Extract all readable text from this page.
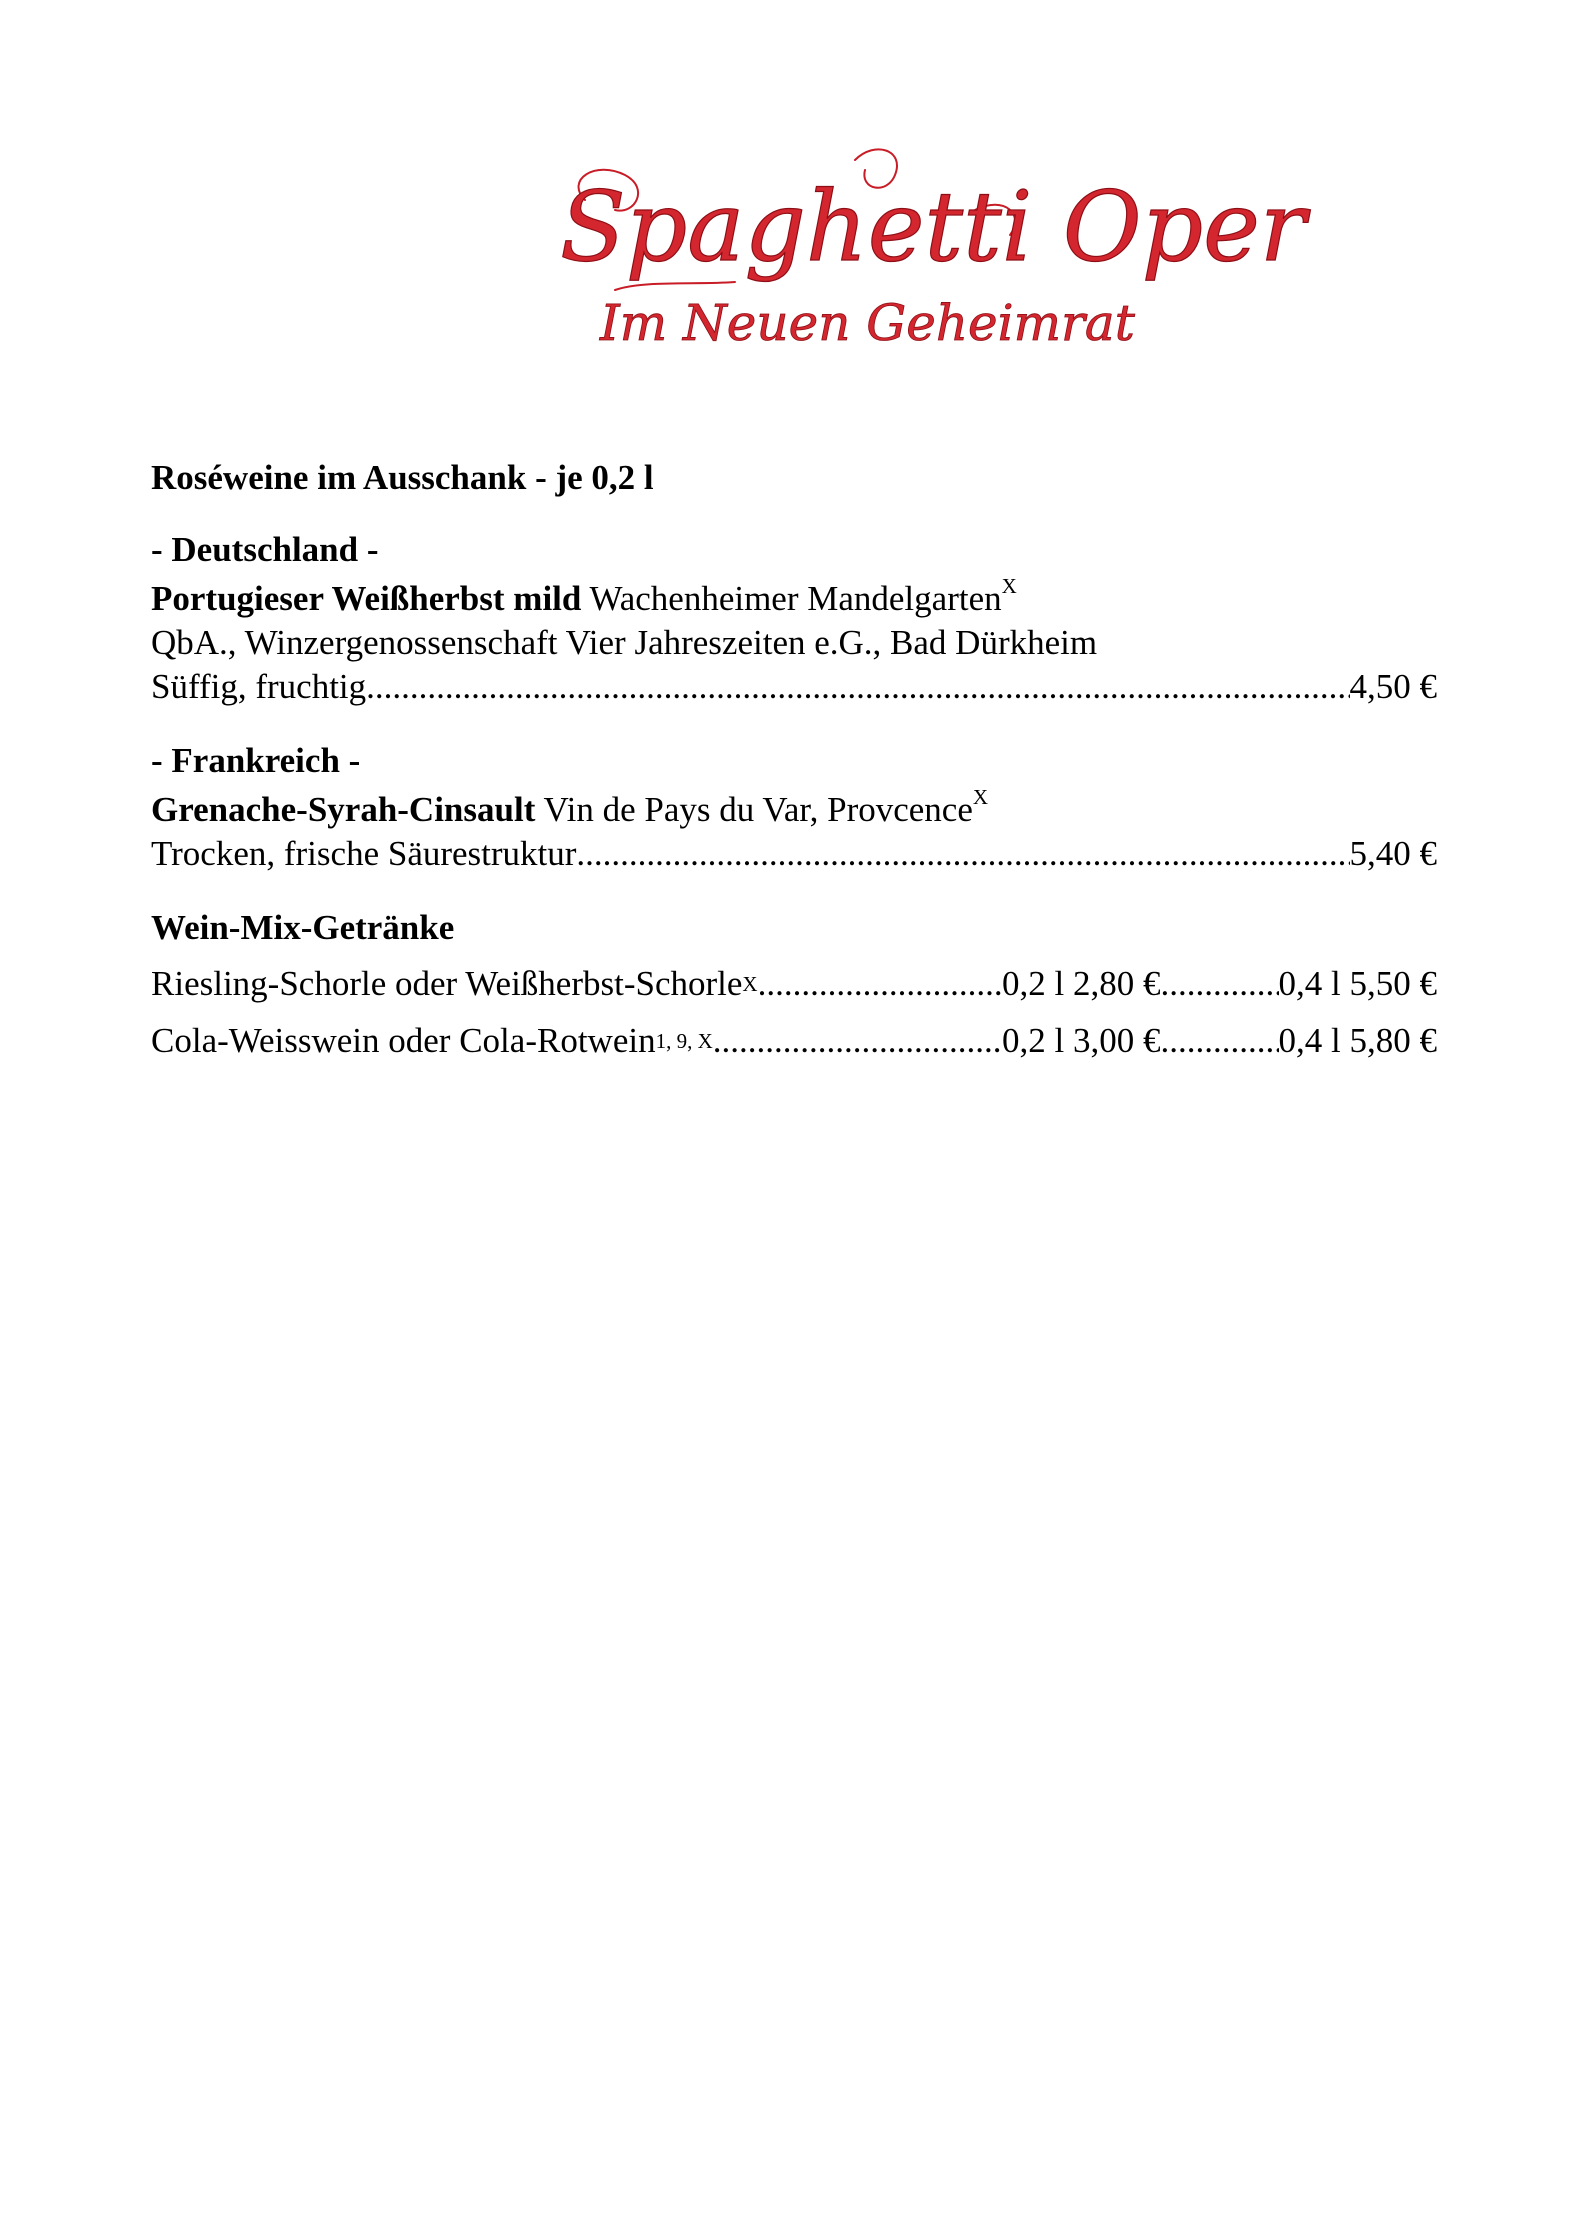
Spaghetti Oper
Im Neuen Geheimrat

Roséweine im Ausschank - je 0,2 l

- Deutschland -

Portugieser Weißherbst mild Wachenheimer Mandelgarten$^X$
QbA., Winzergenossenschaft Vier Jahreszeiten e.G., Bad Dürkheim
Süffig, fruchtig .....	4,50 €

- Frankreich -

Grenache-Syrah-Cinsault Vin de Pays du Var, Provcence$^X$
Trocken, frische Säurestruktur .....	5,40 €

Wein-Mix-Getränke

Riesling-Schorle oder Weißherbst-Schorle$^X$ .....	0,2 l 2,80 € .....	0,4 l 5,50 €
Cola-Weisswein oder Cola-Rotwein$^{1, 9, X}$ .....	0,2 l 3,00 € .....	0,4 l 5,80 €
